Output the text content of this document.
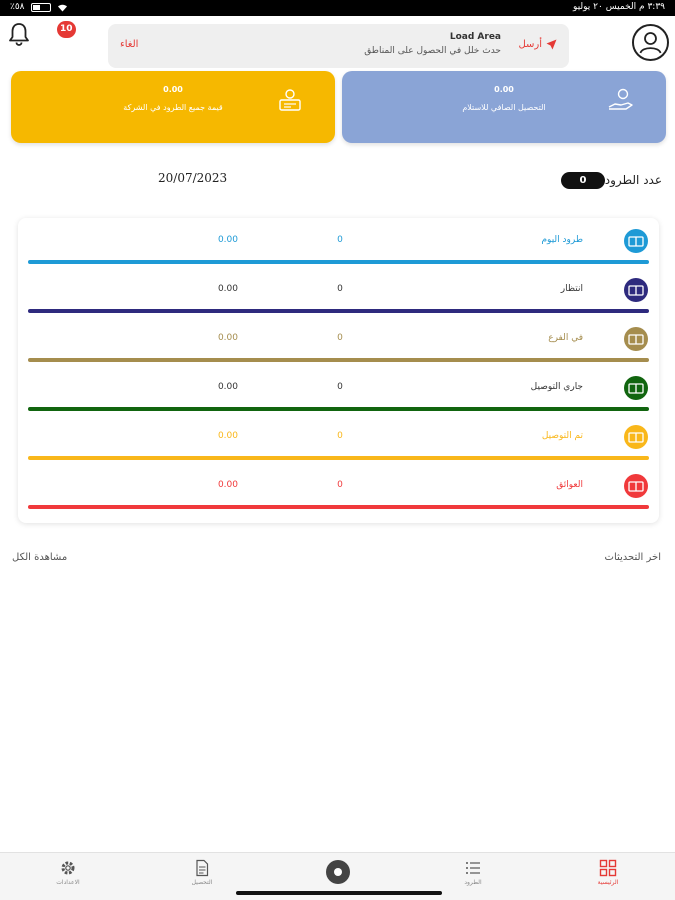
٪٥٨	٣:٣٩ م الخميس ٢٠ يوليو
10
الغاء
Load Area
حدث خلل في الحصول على المناطق
أرسل
0.00
قيمة جميع الطرود في الشركة
0.00
التحصيل الصافي للاستلام
عدد الطرود
0
20/07/2023
طرود اليوم
0
0.00
انتظار
0
0.00
في الفرع
0
0.00
جاري التوصيل
0
0.00
تم التوصيل
0
0.00
العوائق
0
0.00
اخر التحديثات
مشاهدة الكل
الاعدادات	التحصيل	الطرود	الرئيسية
